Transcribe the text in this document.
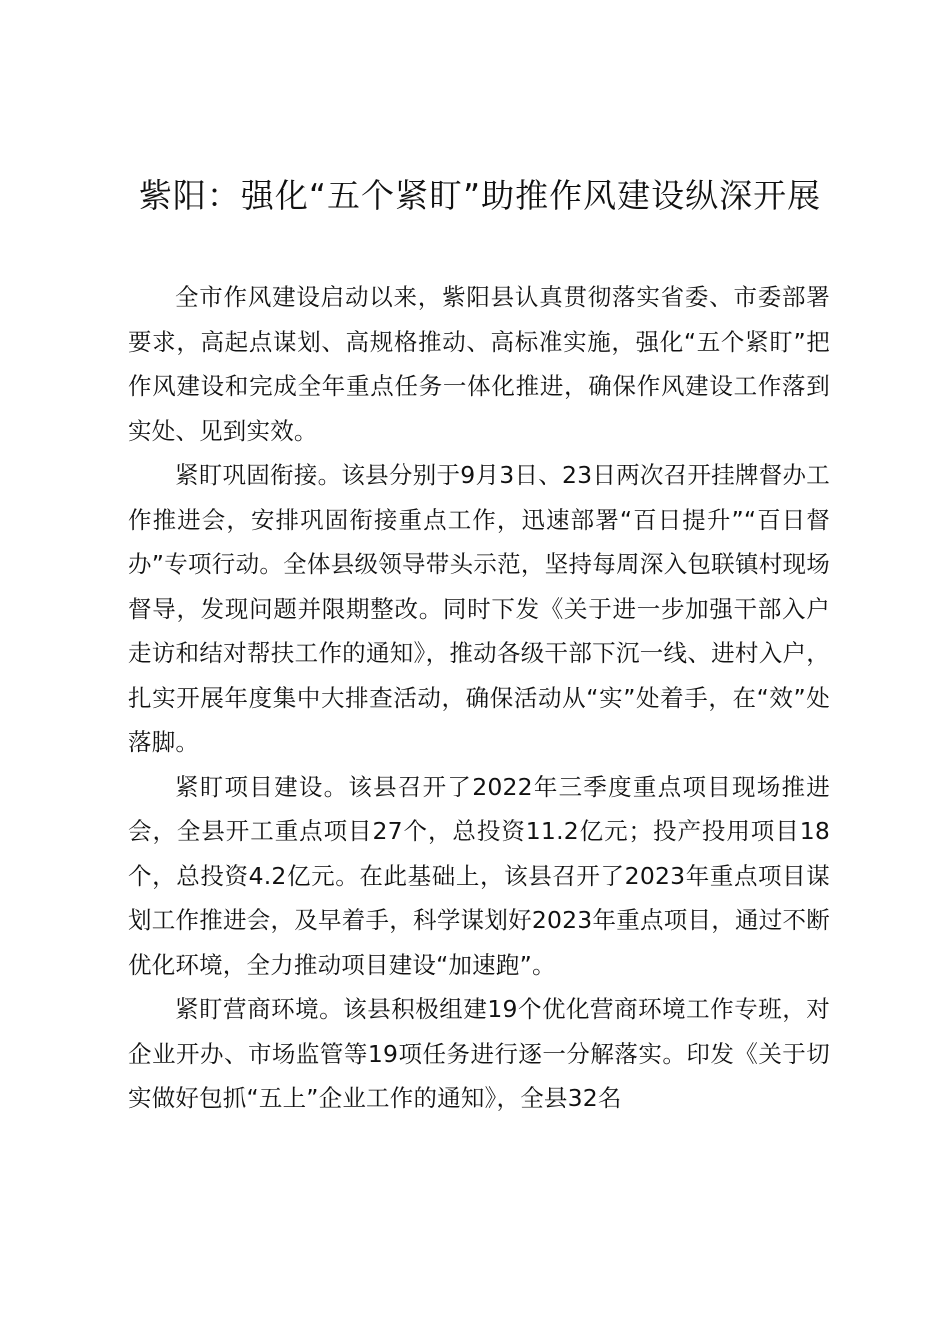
紫阳：强化“五个紧盯”助推作风建设纵深开展

全市作风建设启动以来，紫阳县认真贯彻落实省委、市委部署要求，高起点谋划、高规格推动、高标准实施，强化“五个紧盯”把作风建设和完成全年重点任务一体化推进，确保作风建设工作落到实处、见到实效。

紧盯巩固衔接。该县分别于9月3日、23日两次召开挂牌督办工作推进会，安排巩固衔接重点工作，迅速部署“百日提升”“百日督办”专项行动。全体县级领导带头示范，坚持每周深入包联镇村现场督导，发现问题并限期整改。同时下发《关于进一步加强干部入户走访和结对帮扶工作的通知》，推动各级干部下沉一线、进村入户，扎实开展年度集中大排查活动，确保活动从“实”处着手，在“效”处落脚。

紧盯项目建设。该县召开了2022年三季度重点项目现场推进会，全县开工重点项目27个，总投资11.2亿元；投产投用项目18个，总投资4.2亿元。在此基础上，该县召开了2023年重点项目谋划工作推进会，及早着手，科学谋划好2023年重点项目，通过不断优化环境，全力推动项目建设“加速跑”。

紧盯营商环境。该县积极组建19个优化营商环境工作专班，对企业开办、市场监管等19项任务进行逐一分解落实。印发《关于切实做好包抓“五上”企业工作的通知》，全县32名
